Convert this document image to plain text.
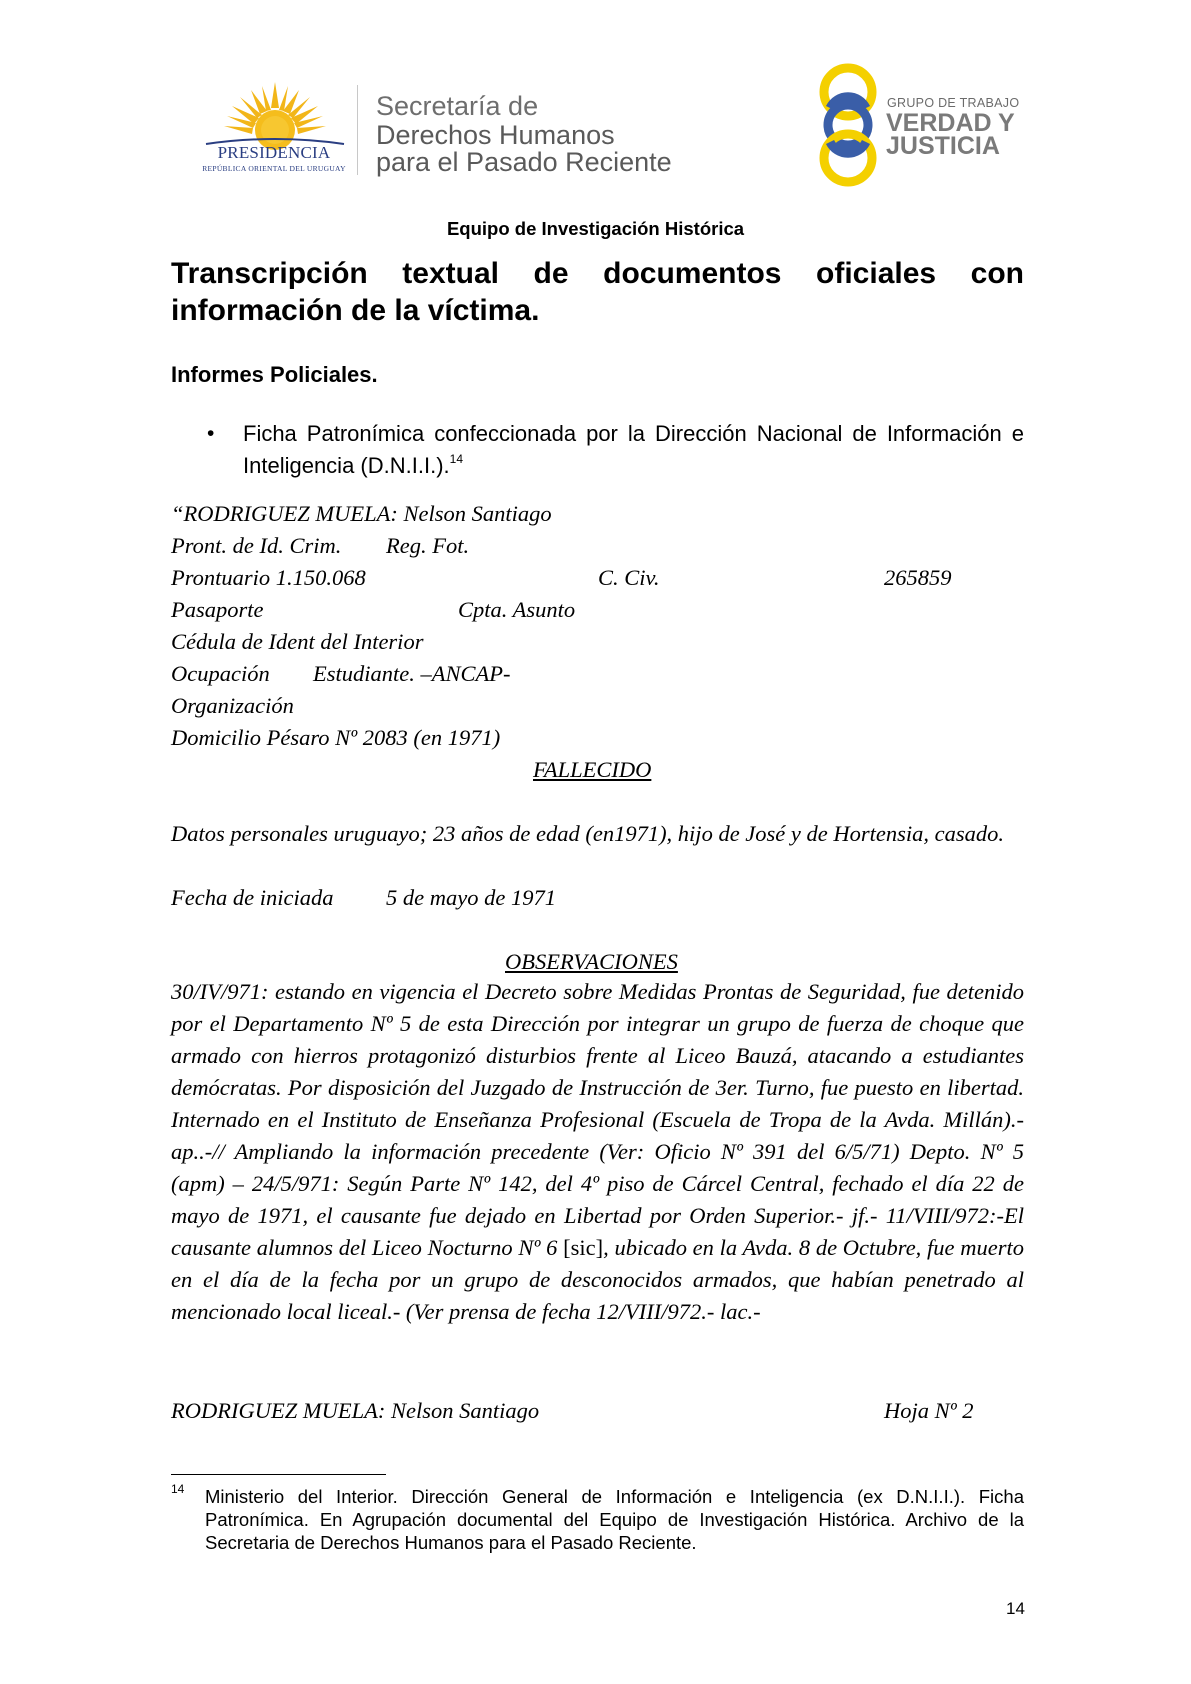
PRESIDENCIA
REPÚBLICA ORIENTAL DEL URUGUAY
Secretaría de
Derechos Humanos
para el Pasado Reciente
GRUPO DE TRABAJO
VERDAD Y
JUSTICIA
Equipo de Investigación Histórica
Transcripción textual de documentos oficiales con información de la víctima.
Informes Policiales.
• Ficha Patronímica confeccionada por la Dirección Nacional de Información e Inteligencia (D.N.I.I.).$^{14}$
“RODRIGUEZ MUELA: Nelson Santiago
Pront. de Id. Crim. Reg. Fot.
Prontuario 1.150.068	C. Civ.	265859
Pasaporte	Cpta. Asunto
Cédula de Ident del Interior
Ocupación Estudiante. –ANCAP-
Organización
Domicilio Pésaro Nº 2083 (en 1971)
FALLECIDO
Datos personales uruguayo; 23 años de edad (en1971), hijo de José y de Hortensia, casado.
Fecha de iniciada 5 de mayo de 1971
OBSERVACIONES
30/IV/971: estando en vigencia el Decreto sobre Medidas Prontas de Seguridad, fue detenido por el Departamento Nº 5 de esta Dirección por integrar un grupo de fuerza de choque que armado con hierros protagonizó disturbios frente al Liceo Bauzá, atacando a estudiantes demócratas. Por disposición del Juzgado de Instrucción de 3er. Turno, fue puesto en libertad. Internado en el Instituto de Enseñanza Profesional (Escuela de Tropa de la Avda. Millán).- ap..-// Ampliando la información precedente (Ver: Oficio Nº 391 del 6/5/71) Depto. Nº 5 (apm) – 24/5/971: Según Parte Nº 142, del 4º piso de Cárcel Central, fechado el día 22 de mayo de 1971, el causante fue dejado en Libertad por Orden Superior.- jf.- 11/VIII/972:-El causante alumnos del Liceo Nocturno Nº 6 [sic], ubicado en la Avda. 8 de Octubre, fue muerto en el día de la fecha por un grupo de desconocidos armados, que habían penetrado al mencionado local liceal.- (Ver prensa de fecha 12/VIII/972.- lac.-
RODRIGUEZ MUELA: Nelson Santiago	Hoja Nº 2
14 Ministerio del Interior. Dirección General de Información e Inteligencia (ex D.N.I.I.). Ficha Patronímica. En Agrupación documental del Equipo de Investigación Histórica. Archivo de la Secretaria de Derechos Humanos para el Pasado Reciente.
14
